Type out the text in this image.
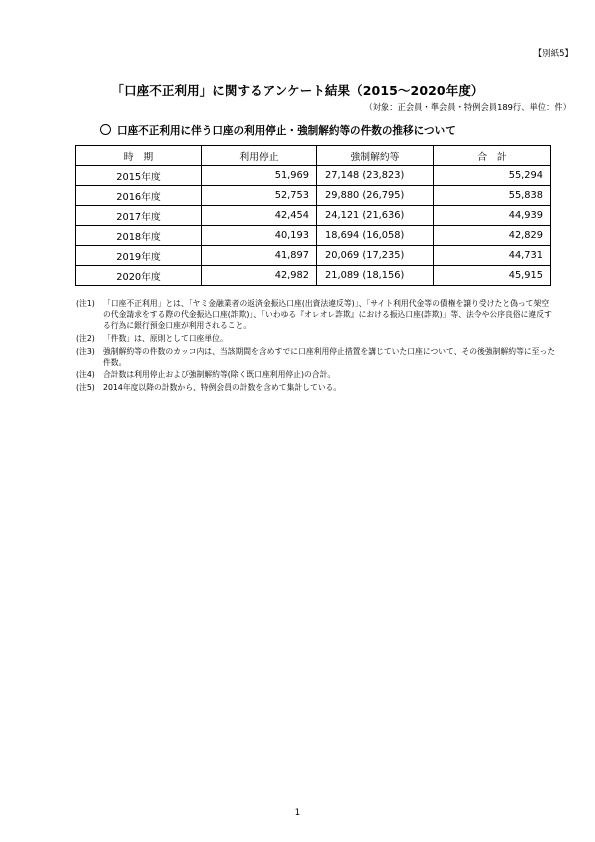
【別紙5】
「口座不正利用」に関するアンケート結果（2015～2020年度）
（対象：正会員・準会員・特例会員189行、単位：件）
口座不正利用に伴う口座の利用停止・強制解約等の件数の推移について
時　期	利用停止	強制解約等	合　計
2015年度	51,969	27,148 (23,823)	55,294
2016年度	52,753	29,880 (26,795)	55,838
2017年度	42,454	24,121 (21,636)	44,939
2018年度	40,193	18,694 (16,058)	42,829
2019年度	41,897	20,069 (17,235)	44,731
2020年度	42,982	21,089 (18,156)	45,915
(注1)	「口座不正利用」とは、「ヤミ金融業者の返済金振込口座(出資法違反等)」、「サイト利用代金等の債権を譲り受けたと偽って架空の代金請求をする際の代金振込口座(詐欺)」、「いわゆる『オレオレ詐欺』における振込口座(詐欺)」等、法令や公序良俗に違反する行為に銀行預金口座が利用されること。
(注2)	「件数」は、原則として口座単位。
(注3)	強制解約等の件数のカッコ内は、当該期間を含めすでに口座利用停止措置を講じていた口座について、その後強制解約等に至った件数。
(注4)	合計数は利用停止および強制解約等(除く既口座利用停止)の合計。
(注5)	2014年度以降の計数から、特例会員の計数を含めて集計している。
1
